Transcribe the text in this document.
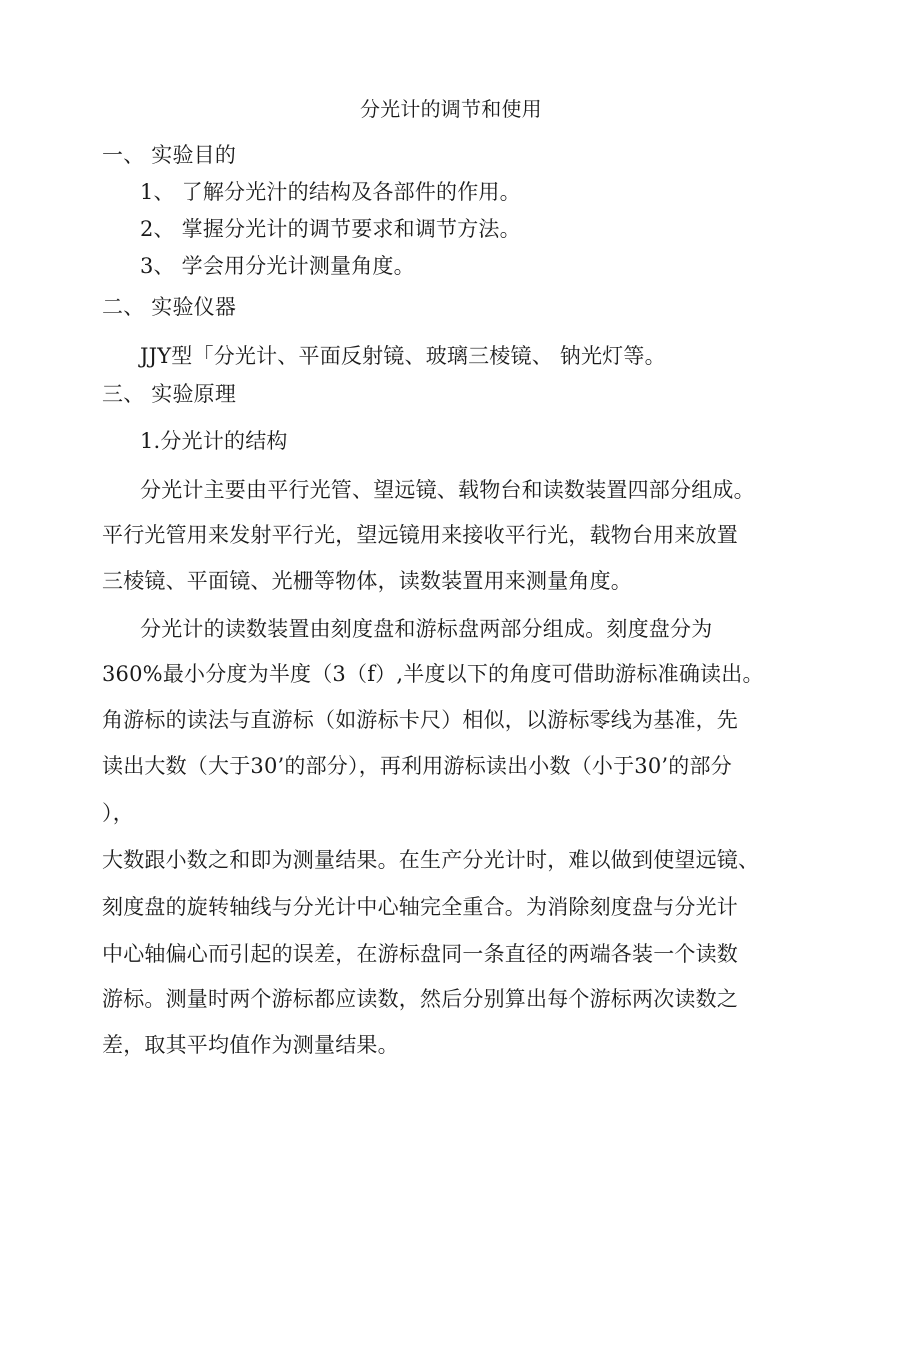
分光计的调节和使用
一、 实验目的
1、 了解分光汁的结构及各部件的作用。
2、 掌握分光计的调节要求和调节方法。
3、 学会用分光计测量角度。
二、 实验仪器
JJY型「分光计、平面反射镜、玻璃三棱镜、 钠光灯等。
三、 实验原理
1.分光计的结构
分光计主要由平行光管、望远镜、载物台和读数装置四部分组成。
平行光管用来发射平行光，望远镜用来接收平行光，载物台用来放置
三棱镜、平面镜、光栅等物体，读数装置用来测量角度。
分光计的读数装置由刻度盘和游标盘两部分组成。刻度盘分为
360%最小分度为半度（3（f）,半度以下的角度可借助游标准确读出。
角游标的读法与直游标（如游标卡尺）相似，以游标零线为基准，先
读出大数（大于30’的部分），再利用游标读出小数（小于30’的部分
），
大数跟小数之和即为测量结果。在生产分光计时，难以做到使望远镜、
刻度盘的旋转轴线与分光计中心轴完全重合。为消除刻度盘与分光计
中心轴偏心而引起的误差，在游标盘同一条直径的两端各装一个读数
游标。测量时两个游标都应读数，然后分别算出每个游标两次读数之
差，取其平均值作为测量结果。
